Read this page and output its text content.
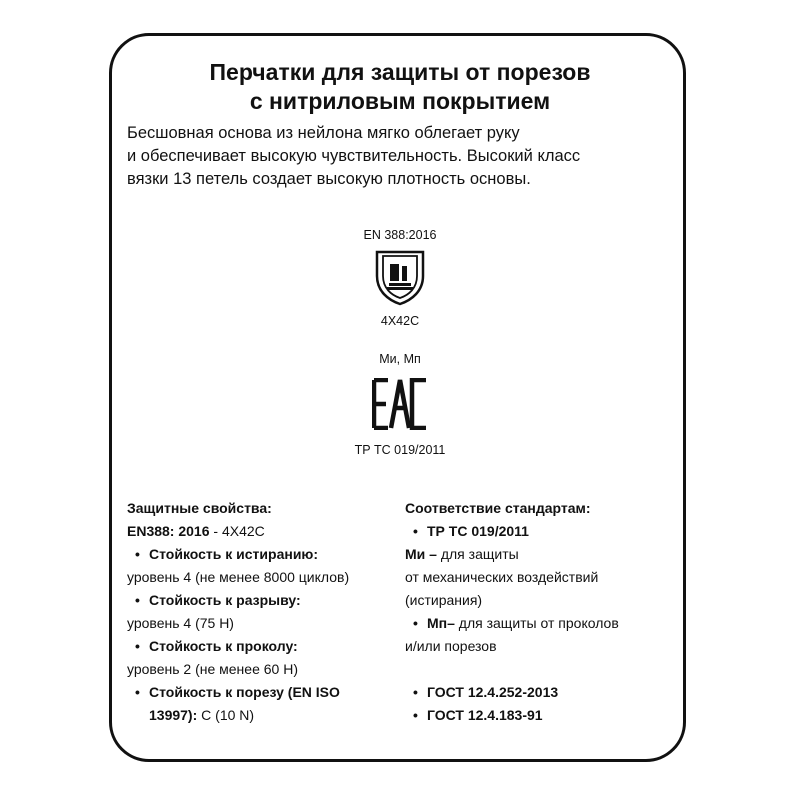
Перчатки для защиты от порезов
с нитриловым покрытием
Бесшовная основа из нейлона мягко облегает руку
и обеспечивает высокую чувствительность. Высокий класс
вязки 13 петель создает высокую плотность основы.
EN 388:2016
4X42C
Ми, Мп
ТР ТС 019/2011
Защитные свойства:
EN388: 2016 - 4X42C
• Стойкость к истиранию:
уровень 4 (не менее 8000 циклов)
• Стойкость к разрыву:
уровень 4 (75 Н)
• Стойкость к проколу:
уровень 2 (не менее 60 Н)
• Стойкость к порезу (EN ISO
13997): С (10 N)
Соответствие стандартам:
• ТР ТС 019/2011
Ми – для защиты
от механических воздействий
(истирания)
• Мп– для защиты от проколов
и/или порезов

• ГОСТ 12.4.252-2013
• ГОСТ 12.4.183-91
